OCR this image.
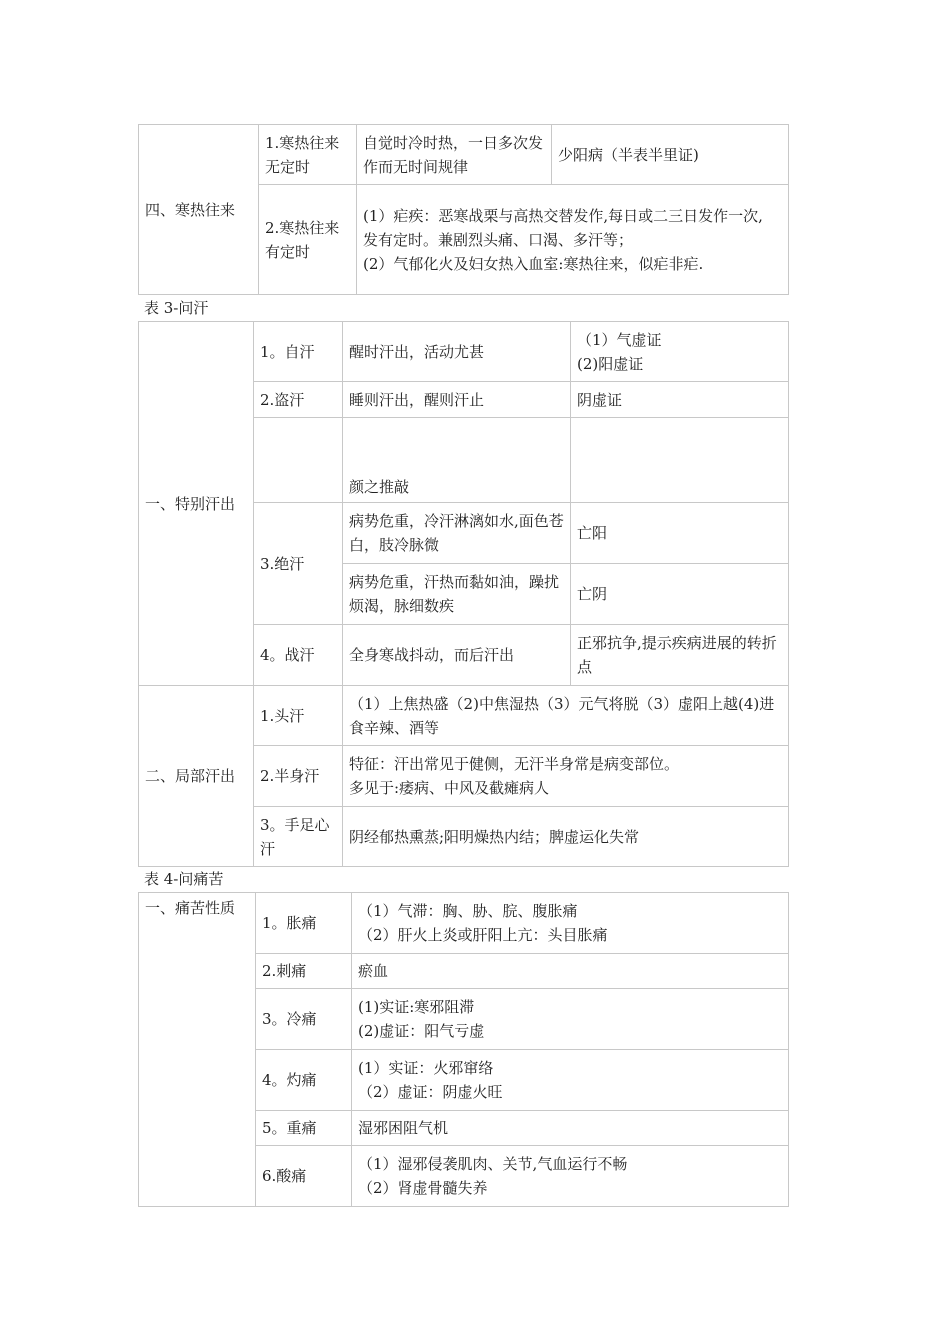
四、寒热往来	1.寒热往来无定时	自觉时冷时热，一日多次发作而无时间规律	少阳病（半表半里证)
	2.寒热往来有定时	(1）疟疾：恶寒战栗与高热交替发作,每日或二三日发作一次,
发有定时。兼剧烈头痛、口渴、多汗等；
(2）气郁化火及妇女热入血室:寒热往来，似疟非疟.	
表 3-问汗
一、特别汗出	1。自汗	醒时汗出，活动尤甚	（1）气虚证
(2)阳虚证
	2.盗汗	睡则汗出，醒则汗止	阴虚证
		颜之推敲	
	3.绝汗	病势危重，冷汗淋漓如水,面色苍白，肢冷脉微	亡阳
		病势危重，汗热而黏如油，躁扰烦渴，脉细数疾	亡阴
	4。战汗	全身寒战抖动，而后汗出	正邪抗争,提示疾病进展的转折点
二、局部汗出	1.头汗	（1）上焦热盛（2)中焦湿热（3）元气将脱（3）虚阳上越(4)进食辛辣、酒等	
	2.半身汗	特征：汗出常见于健侧，无汗半身常是病变部位。
多见于:痿病、中风及截瘫病人	
	3。手足心汗	阴经郁热熏蒸;阳明燥热内结；脾虚运化失常	
表 4-问痛苦
一、痛苦性质	1。胀痛	（1）气滞：胸、胁、脘、腹胀痛
（2）肝火上炎或肝阳上亢：头目胀痛
	2.刺痛	瘀血
	3。冷痛	(1)实证:寒邪阻滞
(2)虚证：阳气亏虚
	4。灼痛	(1）实证：火邪窜络
（2）虚证：阴虚火旺
	5。重痛	湿邪困阻气机
	6.酸痛	（1）湿邪侵袭肌肉、关节,气血运行不畅
（2）肾虚骨髓失养
